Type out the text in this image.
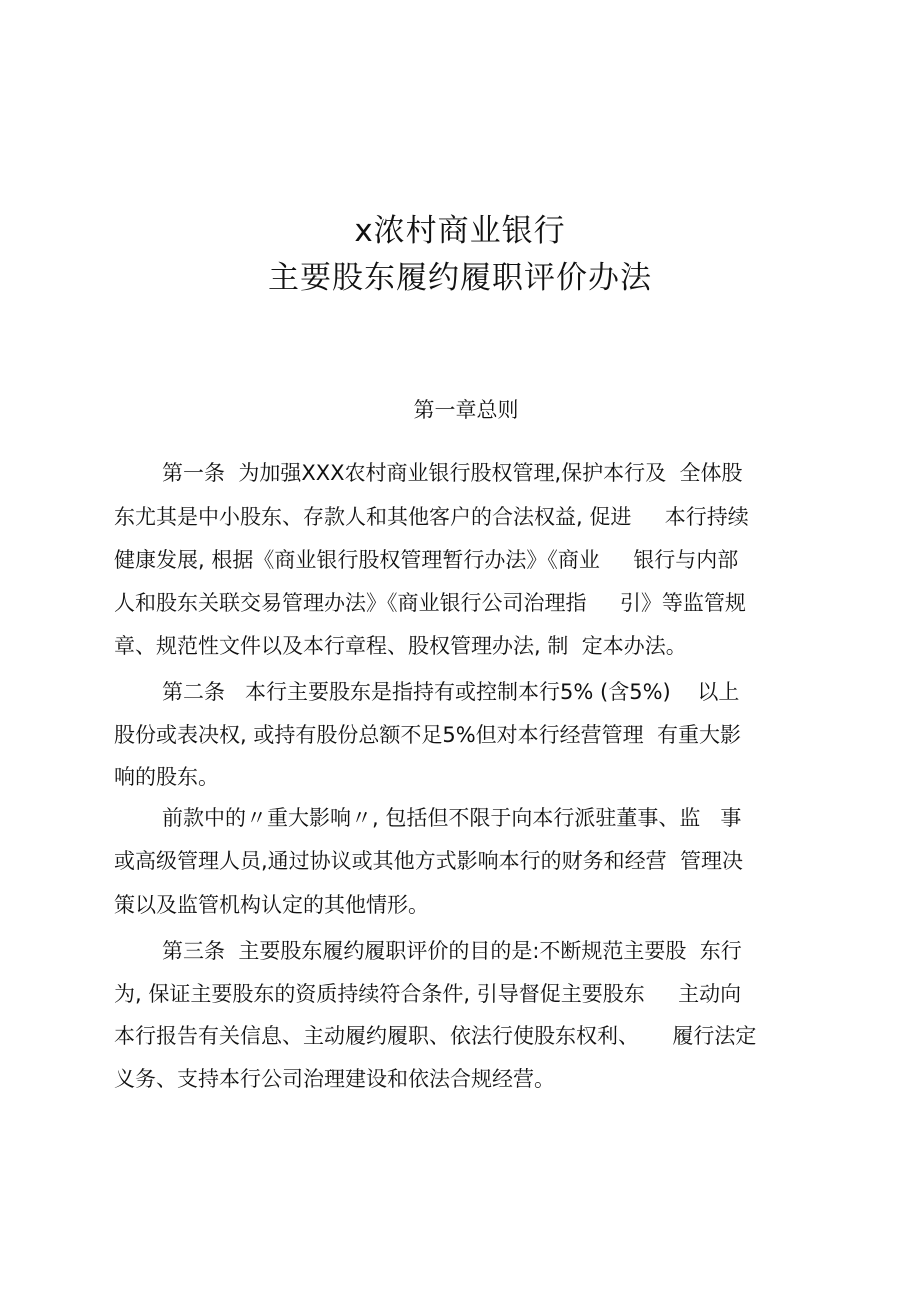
x浓村商业银行
主要股东履约履职评价办法
第一章总则
第一条  为加强XXX农村商业银行股权管理,保护本行及  全体股
东尤其是中小股东、存款人和其他客户的合法权益, 促进     本行持续
健康发展, 根据《商业银行股权管理暂行办法》《商业     银行与内部
人和股东关联交易管理办法》《商业银行公司治理指     引》等监管规
章、规范性文件以及本行章程、股权管理办法, 制  定本办法。
第二条   本行主要股东是指持有或控制本行5% (含5%)    以上
股份或表决权, 或持有股份总额不足5%但对本行经营管理  有重大影
响的股东。
前款中的〃重大影响〃, 包括但不限于向本行派驻董事、监   事
或高级管理人员,通过协议或其他方式影响本行的财务和经营  管理决
策以及监管机构认定的其他情形。
第三条  主要股东履约履职评价的目的是:不断规范主要股  东行
为, 保证主要股东的资质持续符合条件, 引导督促主要股东     主动向
本行报告有关信息、主动履约履职、依法行使股东权利、     履行法定
义务、支持本行公司治理建设和依法合规经营。
